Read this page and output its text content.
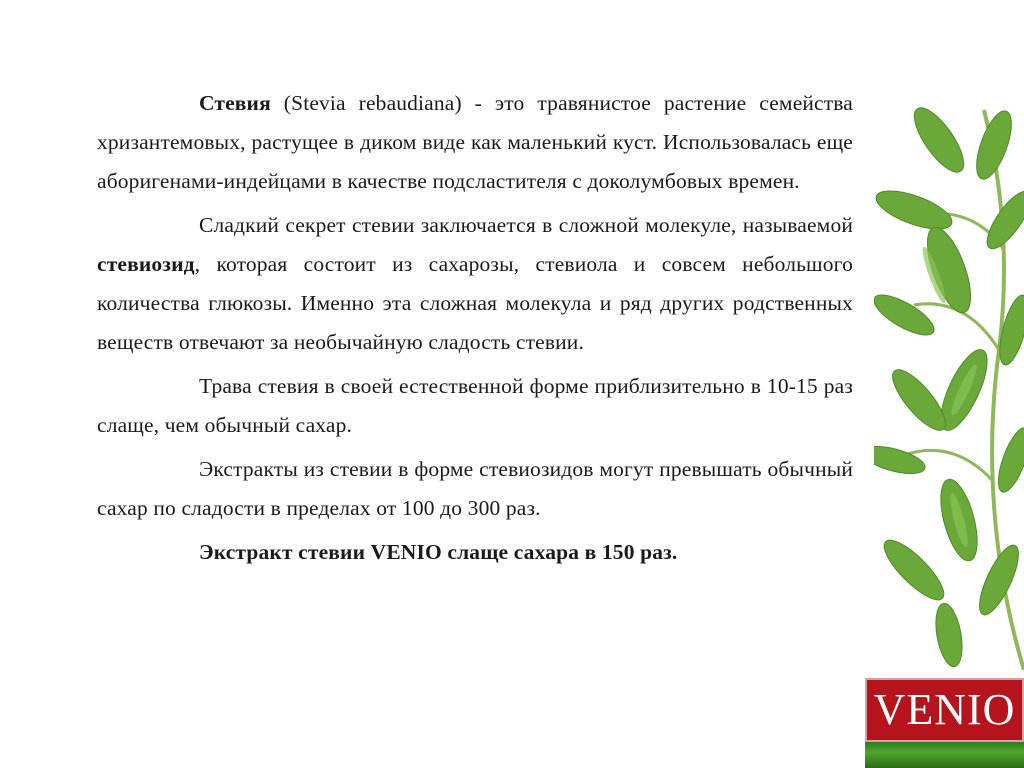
Стевия (Stevia rebaudiana) - это травянистое растение семейства хризантемовых, растущее в диком виде как маленький куст. Использовалась еще аборигенами-индейцами в качестве подсластителя с доколумбовых времен.

Сладкий секрет стевии заключается в сложной молекуле, называемой стевиозид, которая состоит из сахарозы, стевиола и совсем небольшого количества глюкозы. Именно эта сложная молекула и ряд других родственных веществ отвечают за необычайную сладость стевии.

Трава стевия в своей естественной форме приблизительно в 10-15 раз слаще, чем обычный сахар.

Экстракты из стевии в форме стевиозидов могут превышать обычный сахар по сладости в пределах от 100 до 300 раз.

Экстракт стевии VENIO слаще сахара в 150 раз.

VENIO
